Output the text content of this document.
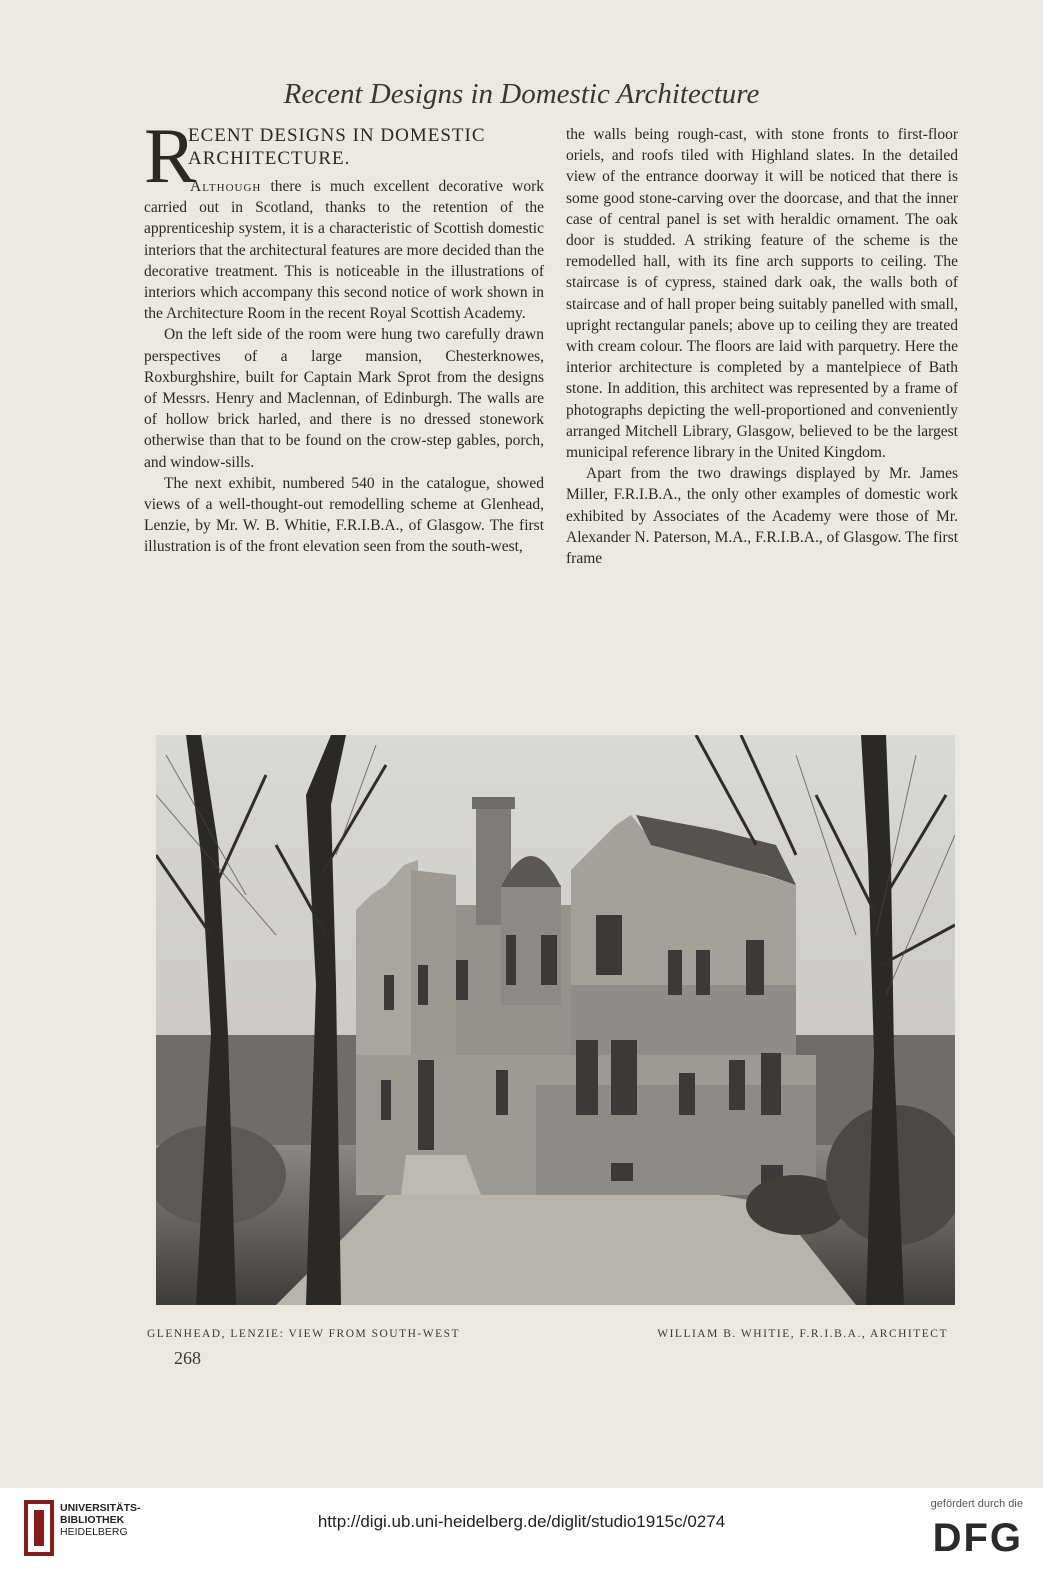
Recent Designs in Domestic Architecture
R
ECENT DESIGNS IN DOMESTIC
ARCHITECTURE.

Although there is much excellent decorative work carried out in Scotland, thanks to the retention of the apprenticeship system, it is a characteristic of Scottish domestic interiors that the architectural features are more decided than the decorative treatment. This is noticeable in the illustrations of interiors which accompany this second notice of work shown in the Architecture Room in the recent Royal Scottish Academy.

On the left side of the room were hung two carefully drawn perspectives of a large mansion, Chesterknowes, Roxburghshire, built for Captain Mark Sprot from the designs of Messrs. Henry and Maclennan, of Edinburgh. The walls are of hollow brick harled, and there is no dressed stonework otherwise than that to be found on the crow-step gables, porch, and window-sills.

The next exhibit, numbered 540 in the catalogue, showed views of a well-thought-out remodelling scheme at Glenhead, Lenzie, by Mr. W. B. Whitie, F.R.I.B.A., of Glasgow. The first illustration is of the front elevation seen from the south-west,

the walls being rough-cast, with stone fronts to first-floor oriels, and roofs tiled with Highland slates. In the detailed view of the entrance doorway it will be noticed that there is some good stone-carving over the doorcase, and that the inner case of central panel is set with heraldic ornament. The oak door is studded. A striking feature of the scheme is the remodelled hall, with its fine arch supports to ceiling. The staircase is of cypress, stained dark oak, the walls both of staircase and of hall proper being suitably panelled with small, upright rectangular panels; above up to ceiling they are treated with cream colour. The floors are laid with parquetry. Here the interior architecture is completed by a mantelpiece of Bath stone. In addition, this architect was represented by a frame of photographs depicting the well-proportioned and conveniently arranged Mitchell Library, Glasgow, believed to be the largest municipal reference library in the United Kingdom.

Apart from the two drawings displayed by Mr. James Miller, F.R.I.B.A., the only other examples of domestic work exhibited by Associates of the Academy were those of Mr. Alexander N. Paterson, M.A., F.R.I.B.A., of Glasgow. The first frame

GLENHEAD, LENZIE: VIEW FROM SOUTH-WEST	WILLIAM B. WHITIE, F.R.I.B.A., ARCHITECT
268
UNIVERSITÄTS-
BIBLIOTHEK
HEIDELBERG
http://digi.ub.uni-heidelberg.de/diglit/studio1915c/0274
gefördert durch die
DFG
